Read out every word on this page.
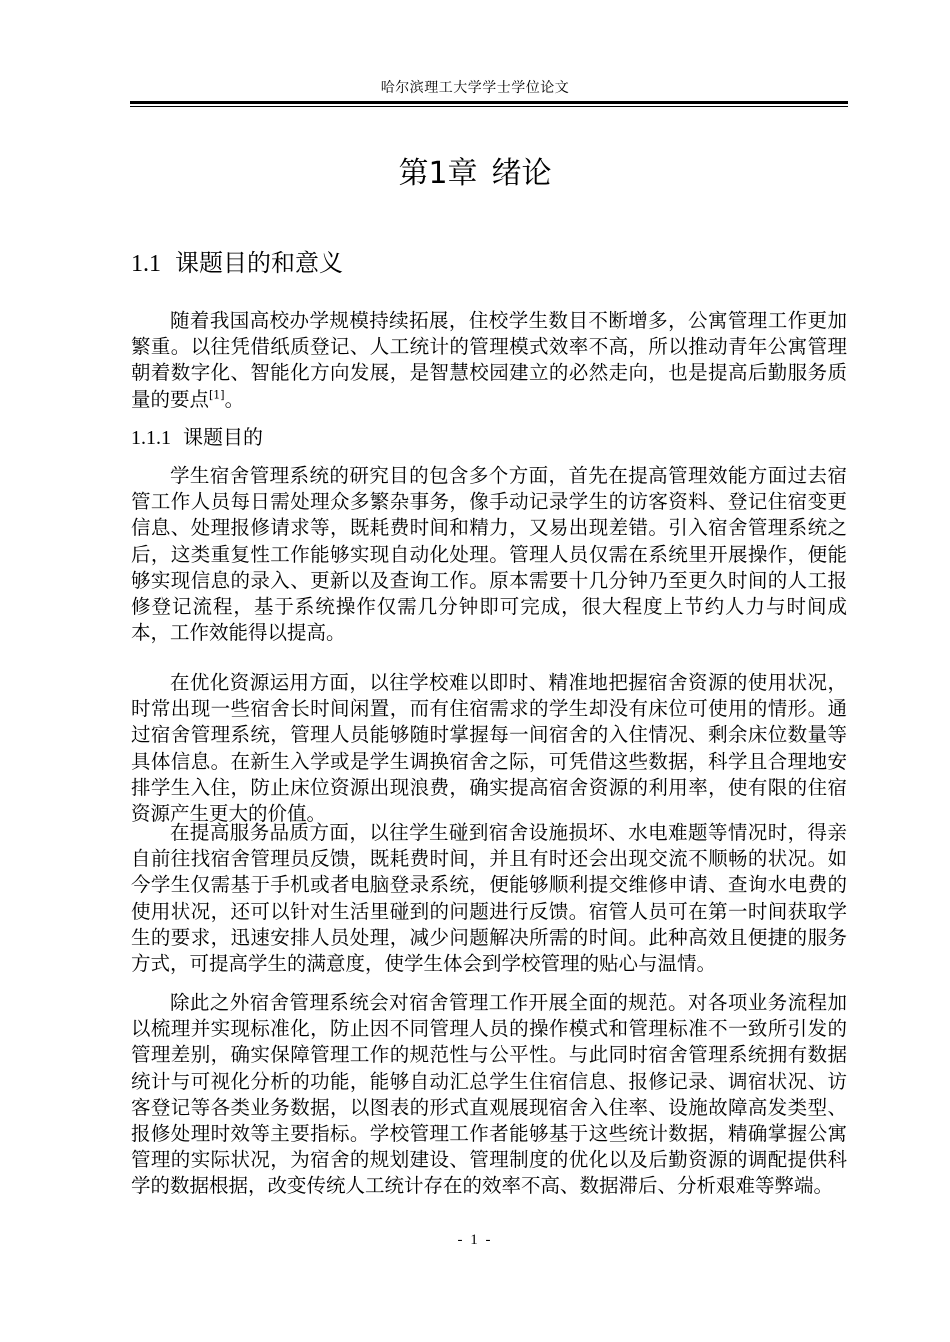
哈尔滨理工大学学士学位论文
第1章 绪论
1.1 课题目的和意义

随着我国高校办学规模持续拓展，住校学生数目不断增多，公寓管理工作更加繁重。以往凭借纸质登记、人工统计的管理模式效率不高，所以推动青年公寓管理朝着数字化、智能化方向发展，是智慧校园建立的必然走向，也是提高后勤服务质量的要点[1]。

1.1.1 课题目的

学生宿舍管理系统的研究目的包含多个方面，首先在提高管理效能方面过去宿管工作人员每日需处理众多繁杂事务，像手动记录学生的访客资料、登记住宿变更信息、处理报修请求等，既耗费时间和精力，又易出现差错。引入宿舍管理系统之后，这类重复性工作能够实现自动化处理。管理人员仅需在系统里开展操作，便能够实现信息的录入、更新以及查询工作。原本需要十几分钟乃至更久时间的人工报修登记流程，基于系统操作仅需几分钟即可完成，很大程度上节约人力与时间成本，工作效能得以提高。

在优化资源运用方面，以往学校难以即时、精准地把握宿舍资源的使用状况，时常出现一些宿舍长时间闲置，而有住宿需求的学生却没有床位可使用的情形。通过宿舍管理系统，管理人员能够随时掌握每一间宿舍的入住情况、剩余床位数量等具体信息。在新生入学或是学生调换宿舍之际，可凭借这些数据，科学且合理地安排学生入住，防止床位资源出现浪费，确实提高宿舍资源的利用率，使有限的住宿资源产生更大的价值。

在提高服务品质方面，以往学生碰到宿舍设施损坏、水电难题等情况时，得亲自前往找宿舍管理员反馈，既耗费时间，并且有时还会出现交流不顺畅的状况。如今学生仅需基于手机或者电脑登录系统，便能够顺利提交维修申请、查询水电费的使用状况，还可以针对生活里碰到的问题进行反馈。宿管人员可在第一时间获取学生的要求，迅速安排人员处理，减少问题解决所需的时间。此种高效且便捷的服务方式，可提高学生的满意度，使学生体会到学校管理的贴心与温情。

除此之外宿舍管理系统会对宿舍管理工作开展全面的规范。对各项业务流程加以梳理并实现标准化，防止因不同管理人员的操作模式和管理标准不一致所引发的管理差别，确实保障管理工作的规范性与公平性。与此同时宿舍管理系统拥有数据统计与可视化分析的功能，能够自动汇总学生住宿信息、报修记录、调宿状况、访客登记等各类业务数据，以图表的形式直观展现宿舍入住率、设施故障高发类型、报修处理时效等主要指标。学校管理工作者能够基于这些统计数据，精确掌握公寓管理的实际状况，为宿舍的规划建设、管理制度的优化以及后勤资源的调配提供科学的数据根据，改变传统人工统计存在的效率不高、数据滞后、分析艰难等弊端。

- 1 -
